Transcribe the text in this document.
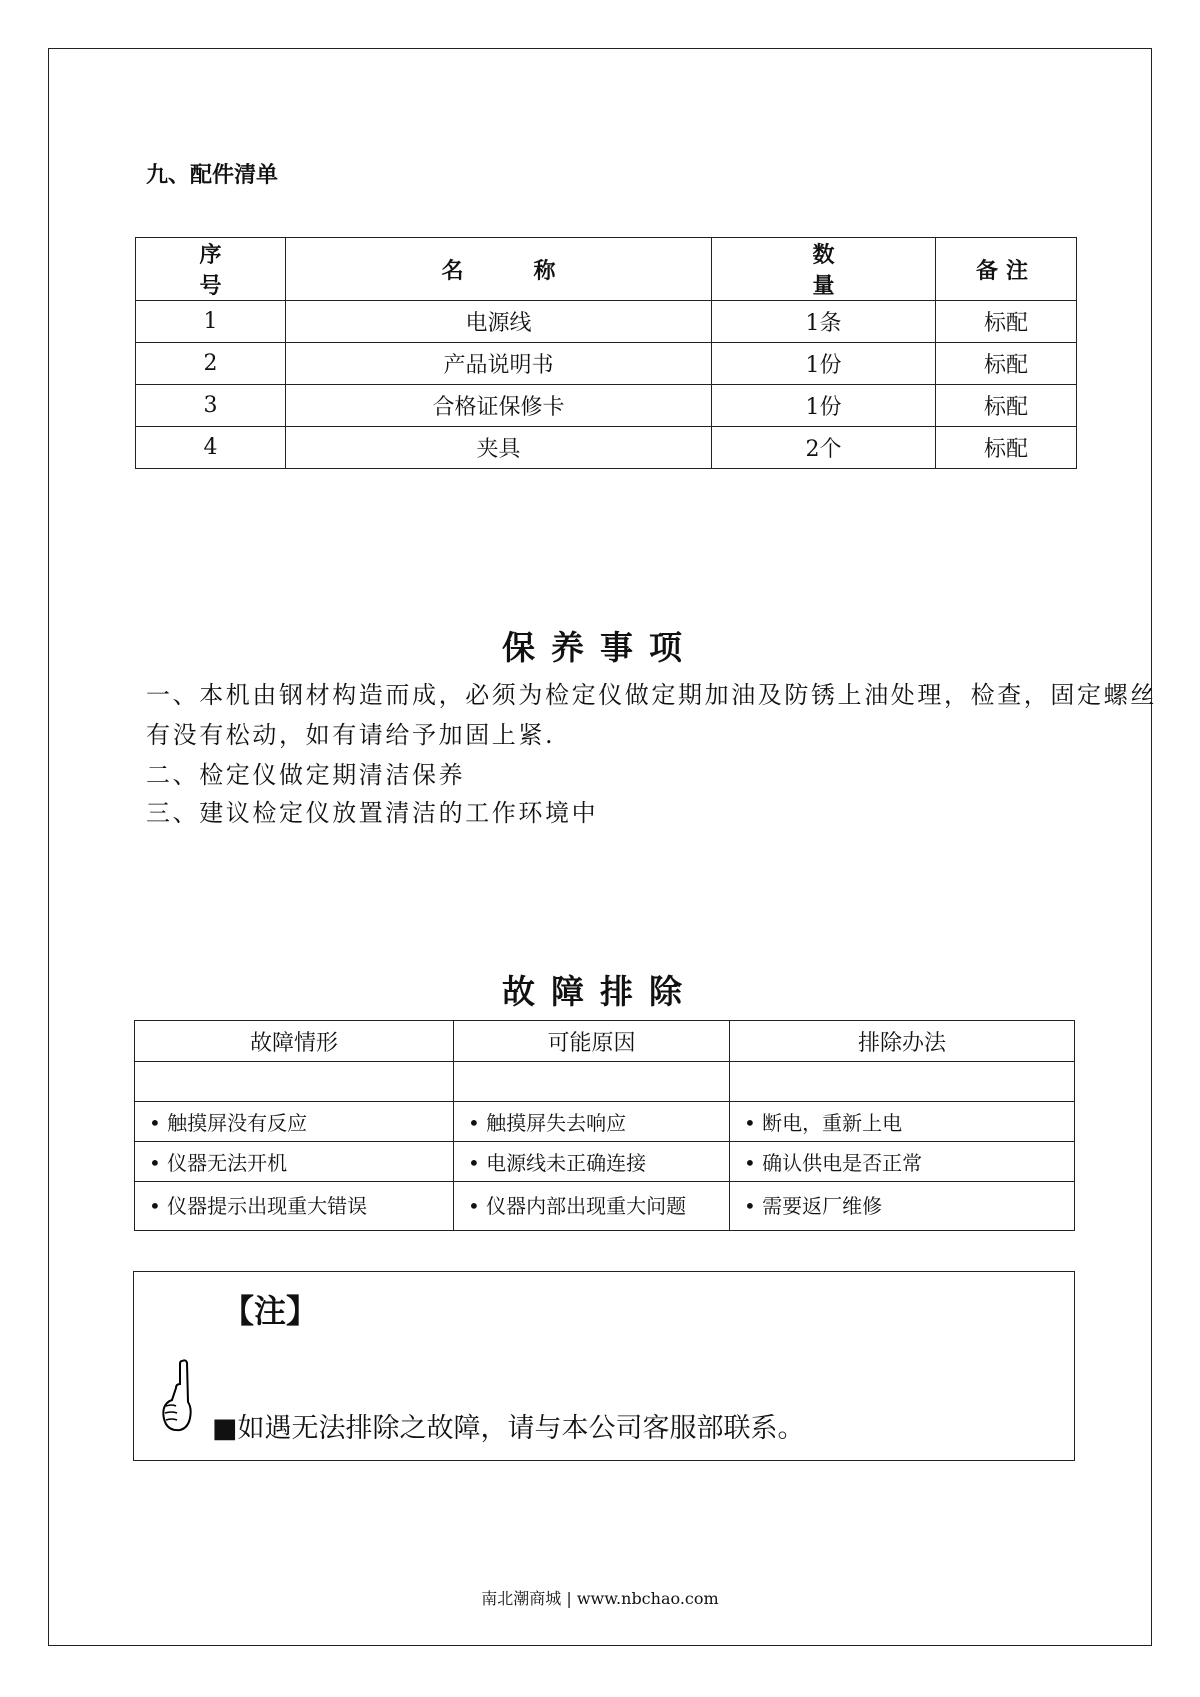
九、配件清单
序号	名称	数量	备注
1	电源线	1条	标配
2	产品说明书	1份	标配
3	合格证保修卡	1份	标配
4	夹具	2个	标配
保养事项
一、本机由钢材构造而成，必须为检定仪做定期加油及防锈上油处理，检查，固定螺丝
有没有松动，如有请给予加固上紧.
二、检定仪做定期清洁保养
三、建议检定仪放置清洁的工作环境中
故障排除
故障情形	可能原因	排除办法

• 触摸屏没有反应	• 触摸屏失去响应	• 断电，重新上电
• 仪器无法开机	• 电源线未正确连接	• 确认供电是否正常
• 仪器提示出现重大错误	• 仪器内部出现重大问题	• 需要返厂维修
【注】
■如遇无法排除之故障，请与本公司客服部联系。
南北潮商城 | www.nbchao.com
